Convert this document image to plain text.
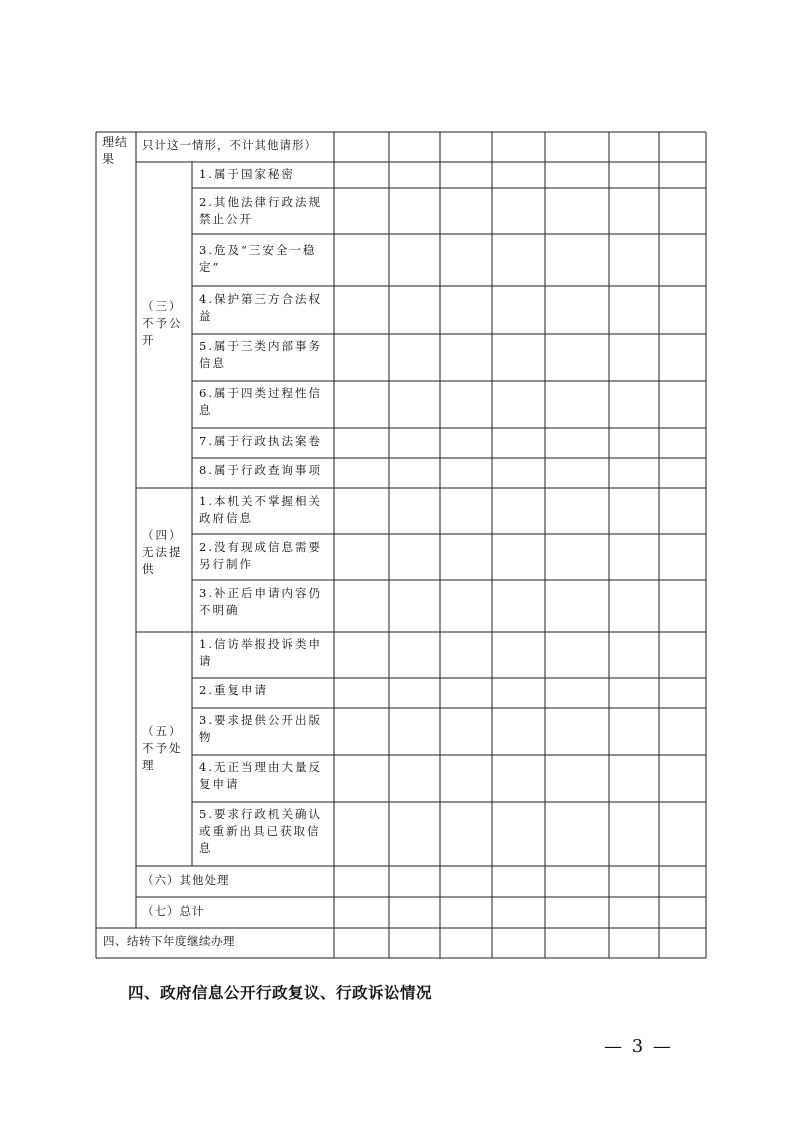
理结
果
只计这一情形，不计其他请形）
（三）
不予公
开
（四）
无法提
供
（五）
不予处
理
1.属于国家秘密
2.其他法律行政法规禁止公开
3.危及“三安全一稳定”
4.保护第三方合法权益
5.属于三类内部事务信息
6.属于四类过程性信息
7.属于行政执法案卷
8.属于行政查询事项
1.本机关不掌握相关政府信息
2.没有现成信息需要另行制作
3.补正后申请内容仍不明确
1.信访举报投诉类申请
2.重复申请
3.要求提供公开出版物
4.无正当理由大量反复申请
5.要求行政机关确认或重新出具已获取信息
（六）其他处理
（七）总计
四、结转下年度继续办理
四、政府信息公开行政复议、行政诉讼情况
— 3 —
